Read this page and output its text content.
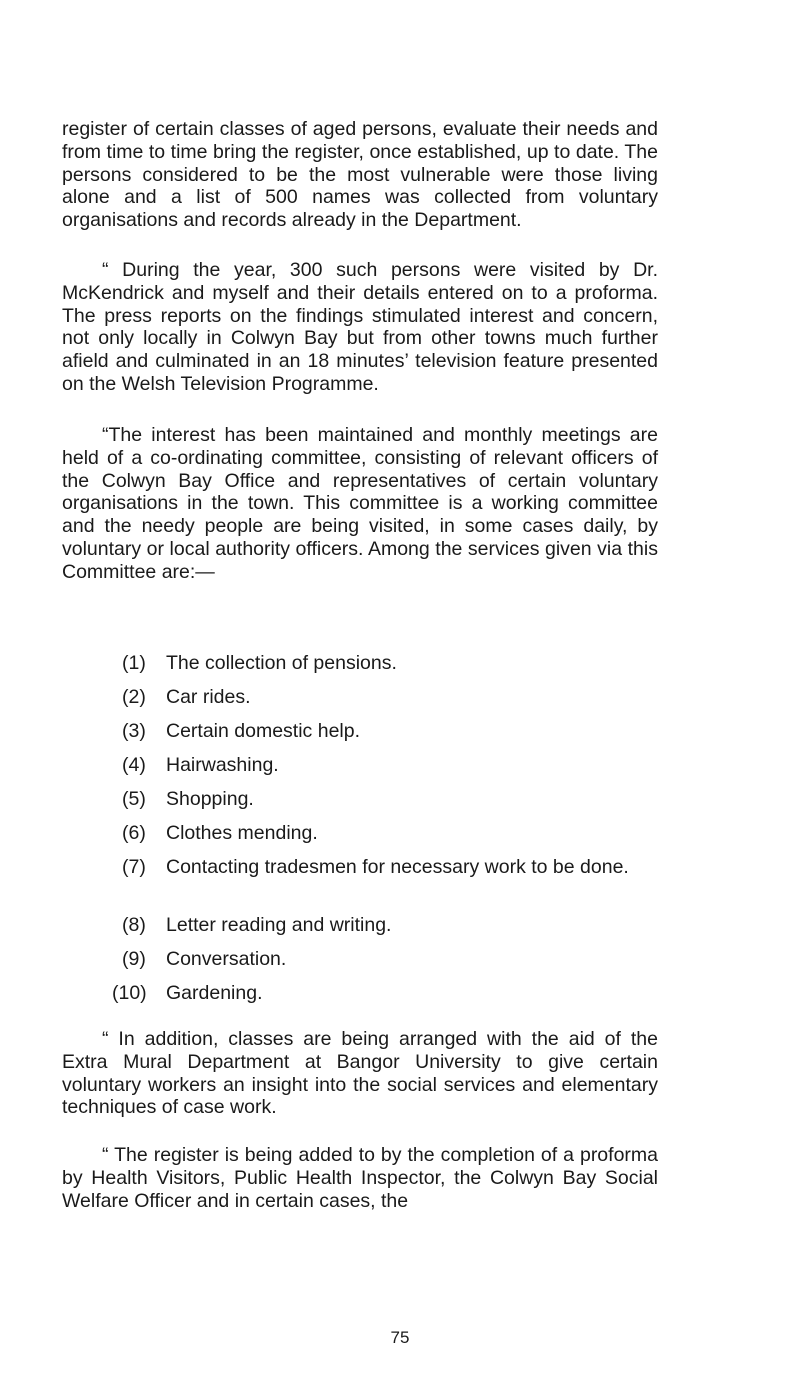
register of certain classes of aged persons, evaluate their needs and from time to time bring the register, once established, up to date. The persons considered to be the most vulnerable were those living alone and a list of 500 names was collected from voluntary organisations and records already in the Department.

“ During the year, 300 such persons were visited by Dr. McKendrick and myself and their details entered on to a proforma. The press reports on the findings stimulated interest and concern, not only locally in Colwyn Bay but from other towns much further afield and culminated in an 18 minutes’ television feature presented on the Welsh Television Programme.

“The interest has been maintained and monthly meetings are held of a co-ordinating committee, consisting of relevant officers of the Colwyn Bay Office and representatives of certain voluntary organisations in the town. This committee is a working committee and the needy people are being visited, in some cases daily, by voluntary or local authority officers. Among the services given via this Committee are:—

(1)	The collection of pensions.
(2)	Car rides.
(3)	Certain domestic help.
(4)	Hairwashing.
(5)	Shopping.
(6)	Clothes mending.
(7)	Contacting tradesmen for necessary work to be done.
(8)	Letter reading and writing.
(9)	Conversation.
(10) Gardening.

“ In addition, classes are being arranged with the aid of the Extra Mural Department at Bangor University to give certain voluntary workers an insight into the social services and elementary techniques of case work.

“ The register is being added to by the completion of a proforma by Health Visitors, Public Health Inspector, the Colwyn Bay Social Welfare Officer and in certain cases, the

75
